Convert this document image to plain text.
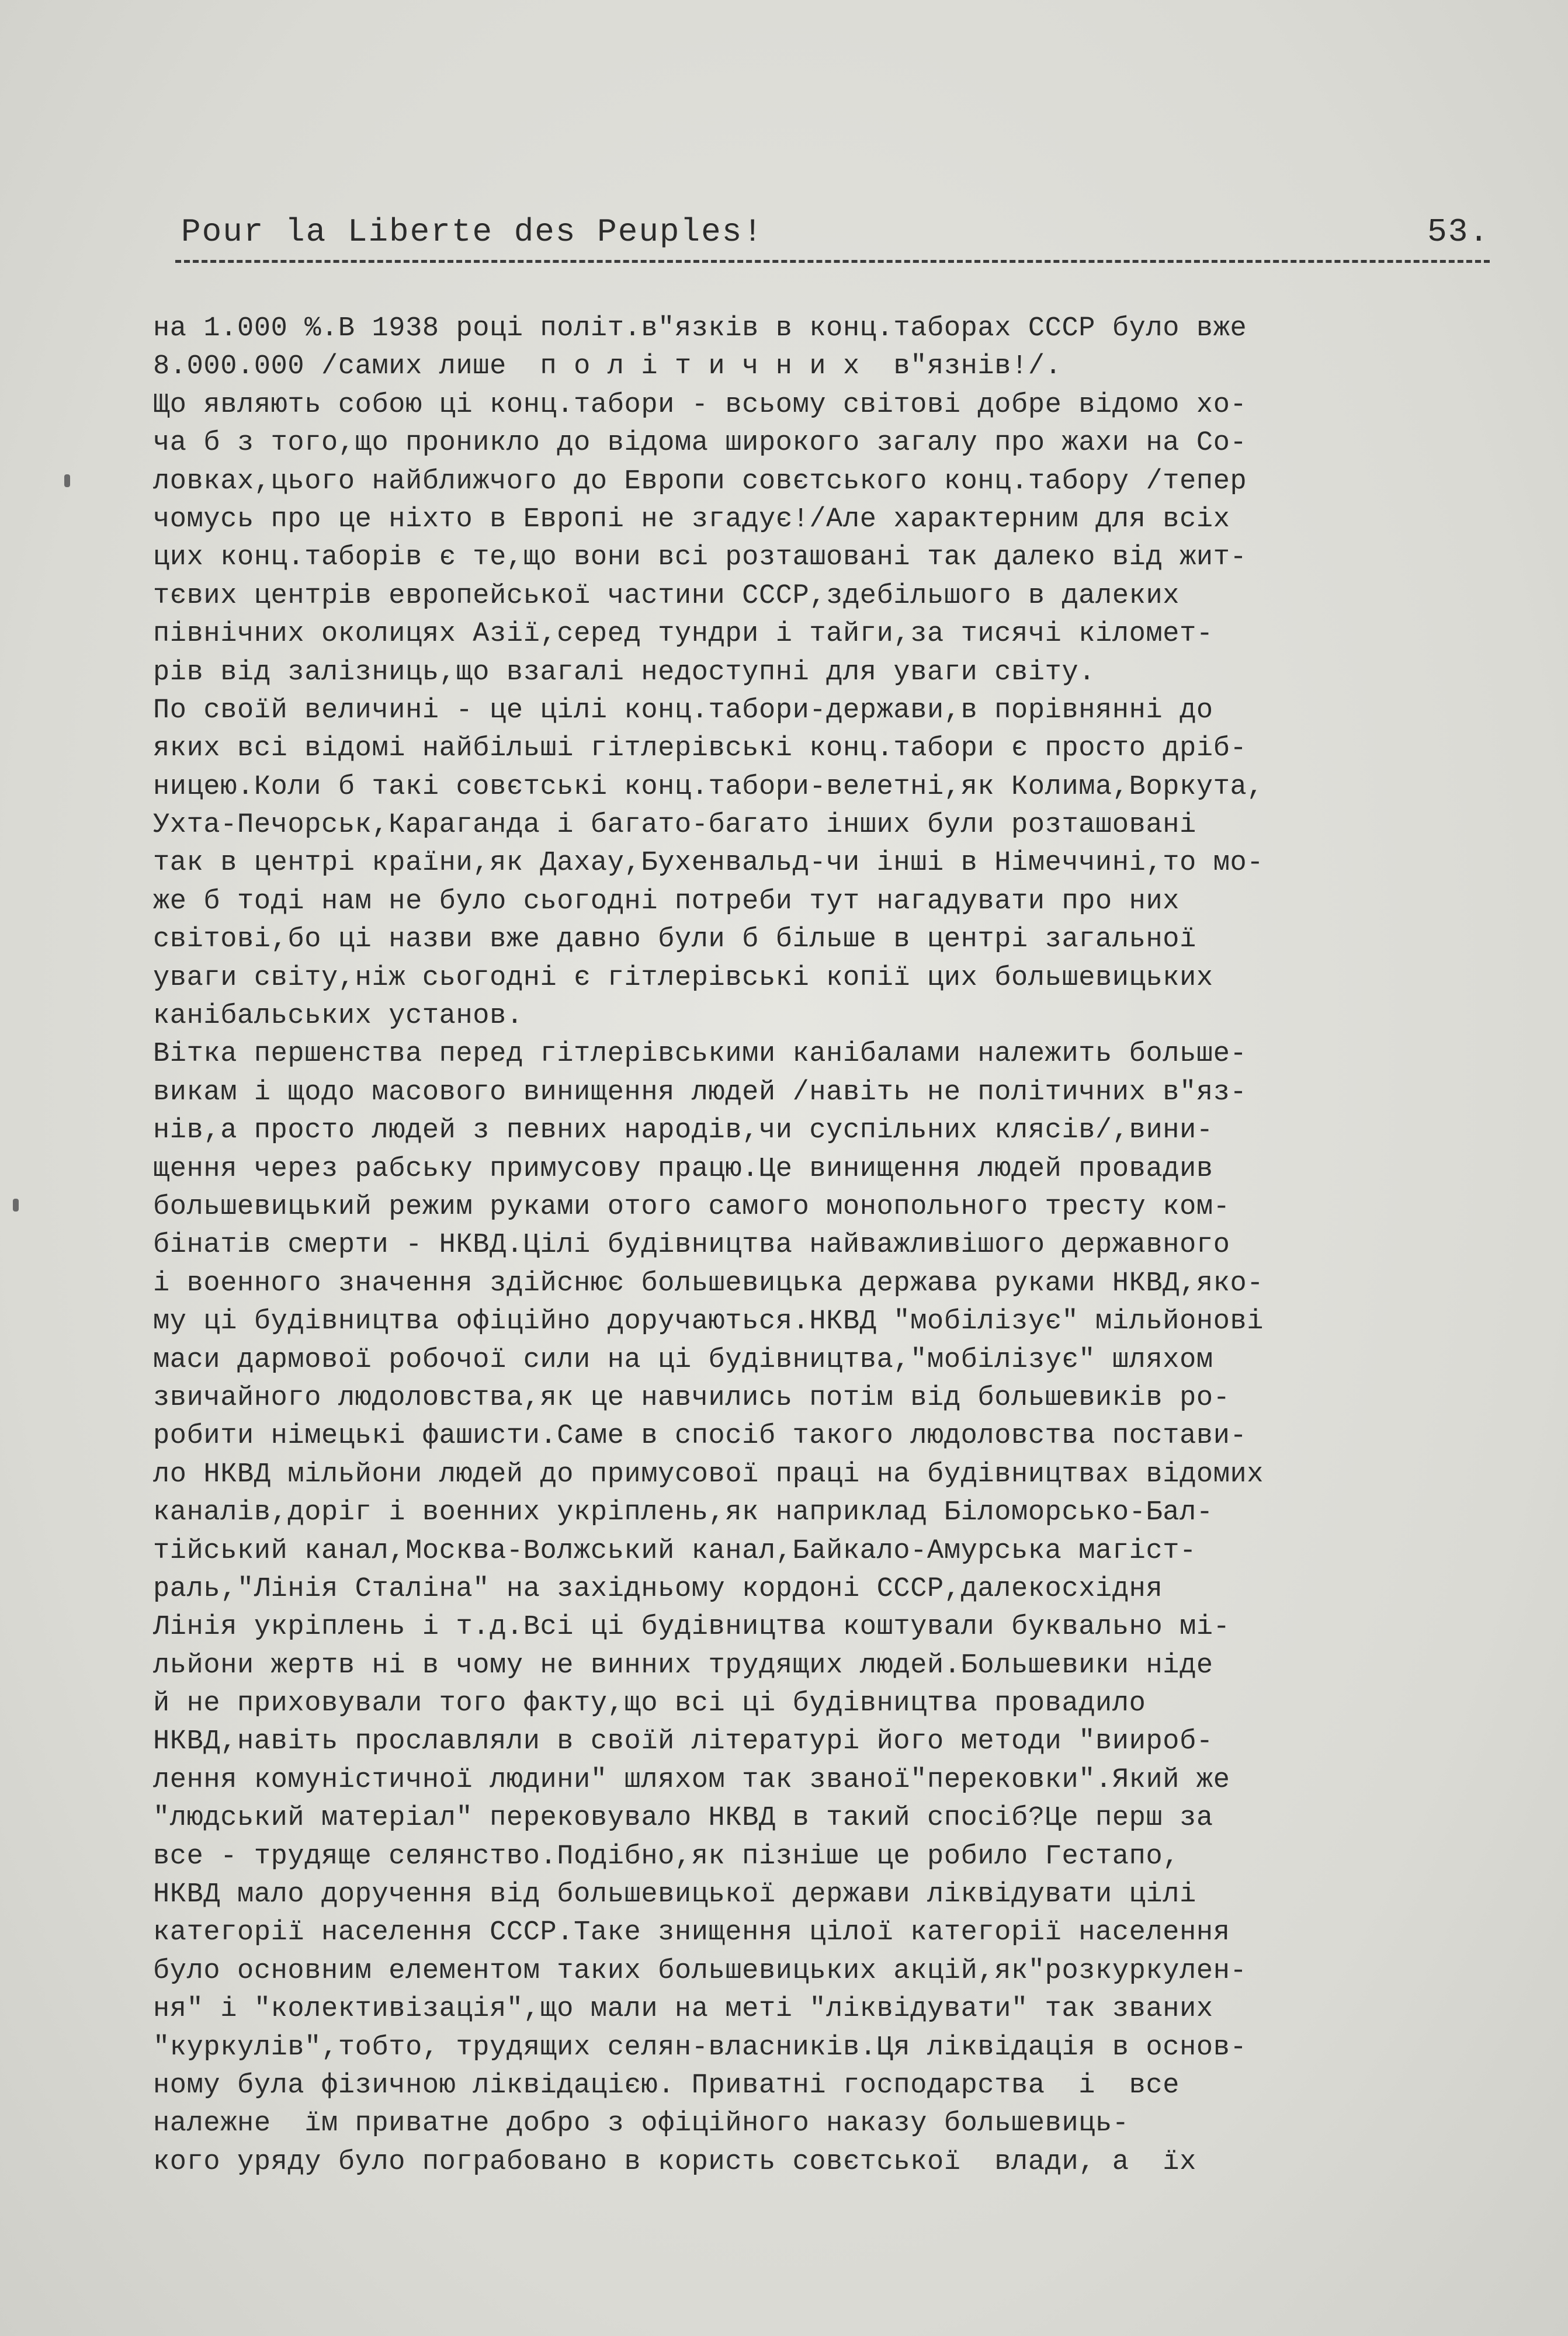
Pour la Liberte des Peuples!	53.
на 1.000 %.В 1938 році політ.в"язків в конц.таборах СССР було вже
8.000.000 /самих лише  п о л і т и ч н и х  в"язнів!/.
Що являють собою ці конц.табори - всьому світові добре відомо хо-
ча б з того,що проникло до відома широкого загалу про жахи на Со-
ловках,цього найближчого до Европи совєтського конц.табору /тепер
чомусь про це ніхто в Европі не згадує!/Але характерним для всіх
цих конц.таборів є те,що вони всі розташовані так далеко від жит-
тєвих центрів европейської частини СССР,здебільшого в далеких
північних околицях Азії,серед тундри і тайги,за тисячі кіломет-
рів від залізниць,що взагалі недоступні для уваги світу.
По своїй величині - це цілі конц.табори-держави,в порівнянні до
яких всі відомі найбільші гітлерівські конц.табори є просто дріб-
ницею.Коли б такі совєтські конц.табори-велетні,як Колима,Воркута,
Ухта-Печорськ,Караганда і багато-багато інших були розташовані
так в центрі країни,як Дахау,Бухенвальд-чи інші в Німеччині,то мо-
же б тоді нам не було сьогодні потреби тут нагадувати про них
світові,бо ці назви вже давно були б більше в центрі загальної
уваги світу,ніж сьогодні є гітлерівські копії цих большевицьких
канібальських установ.
Вітка першенства перед гітлерівськими канібалами належить больше-
викам і щодо масового винищення людей /навіть не політичних в"яз-
нів,а просто людей з певних народів,чи суспільних клясів/,вини-
щення через рабську примусову працю.Це винищення людей провадив
большевицький режим руками отого самого монопольного тресту ком-
бінатів смерти - НКВД.Цілі будівництва найважливішого державного
і военного значення здійснює большевицька держава руками НКВД,яко-
му ці будівництва офіційно доручаються.НКВД "мобілізує" мільйонові
маси дармової робочої сили на ці будівництва,"мобілізує" шляхом
звичайного людоловства,як це навчились потім від большевиків ро-
робити німецькі фашисти.Саме в спосіб такого людоловства постави-
ло НКВД мільйони людей до примусової праці на будівництвах відомих
каналів,доріг і военних укріплень,як наприклад Біломорсько-Бал-
тійський канал,Москва-Волжський канал,Байкало-Амурська магіст-
раль,"Лінія Сталіна" на західньому кордоні СССР,далекосхідня
Лінія укріплень і т.д.Всі ці будівництва коштували буквально мі-
льйони жертв ні в чому не винних трудящих людей.Большевики ніде
й не приховували того факту,що всі ці будівництва провадило
НКВД,навіть прославляли в своїй літературі його методи "виироб-
лення комуністичної людини" шляхом так званої"перековки".Який же
"людський матеріал" перековувало НКВД в такий спосіб?Це перш за
все - трудяще селянство.Подібно,як пізніше це робило Гестапо,
НКВД мало доручення від большевицької держави ліквідувати цілі
категорії населення СССР.Таке знищення цілої категорії населення
було основним елементом таких большевицьких акцій,як"розкуркулен-
ня" і "колективізація",що мали на меті "ліквідувати" так званих
"куркулів",тобто, трудящих селян-власників.Ця ліквідація в основ-
ному була фізичною ліквідацією. Приватні господарства  і  все
належне  їм приватне добро з офіційного наказу большевиць-
кого уряду було пограбовано в користь совєтської  влади, а  їх
